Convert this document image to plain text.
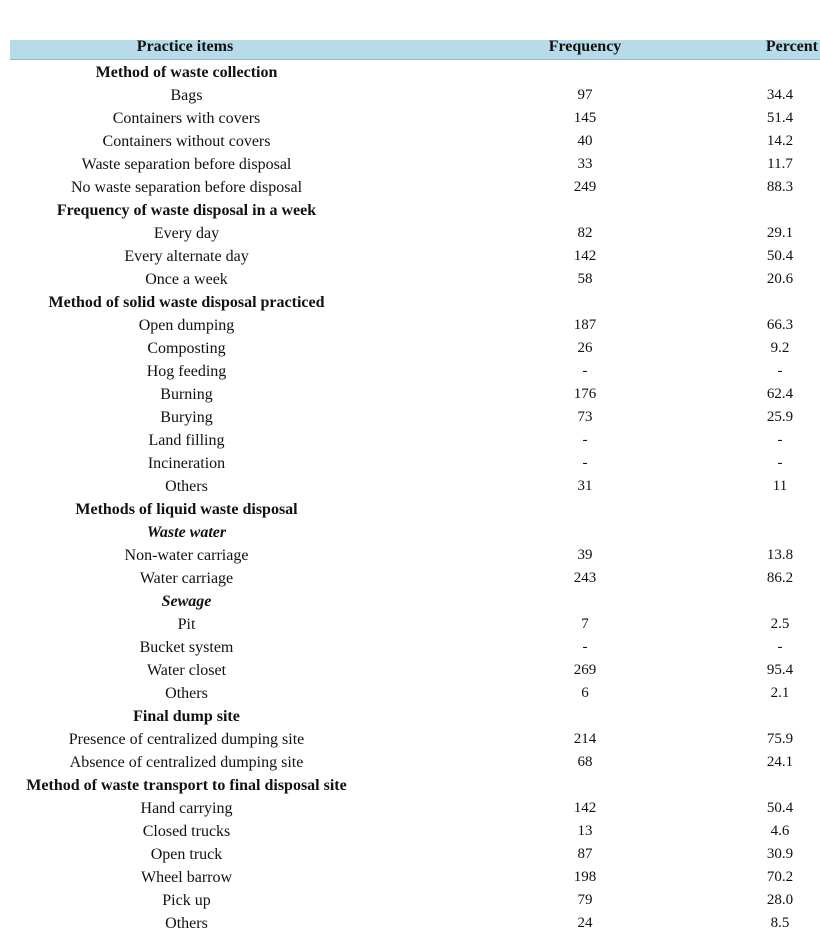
Practice items	Frequency	Percent
Method of waste collection
Bags	97	34.4
Containers with covers	145	51.4
Containers without covers	40	14.2
Waste separation before disposal	33	11.7
No waste separation before disposal	249	88.3
Frequency of waste disposal in a week
Every day	82	29.1
Every alternate day	142	50.4
Once a week	58	20.6
Method of solid waste disposal practiced
Open dumping	187	66.3
Composting	26	9.2
Hog feeding	-	-
Burning	176	62.4
Burying	73	25.9
Land filling	-	-
Incineration	-	-
Others	31	11
Methods of liquid waste disposal
Waste water
Non-water carriage	39	13.8
Water carriage	243	86.2
Sewage
Pit	7	2.5
Bucket system	-	-
Water closet	269	95.4
Others	6	2.1
Final dump site
Presence of centralized dumping site	214	75.9
Absence of centralized dumping site	68	24.1
Method of waste transport to final disposal site
Hand carrying	142	50.4
Closed trucks	13	4.6
Open truck	87	30.9
Wheel barrow	198	70.2
Pick up	79	28.0
Others	24	8.5
